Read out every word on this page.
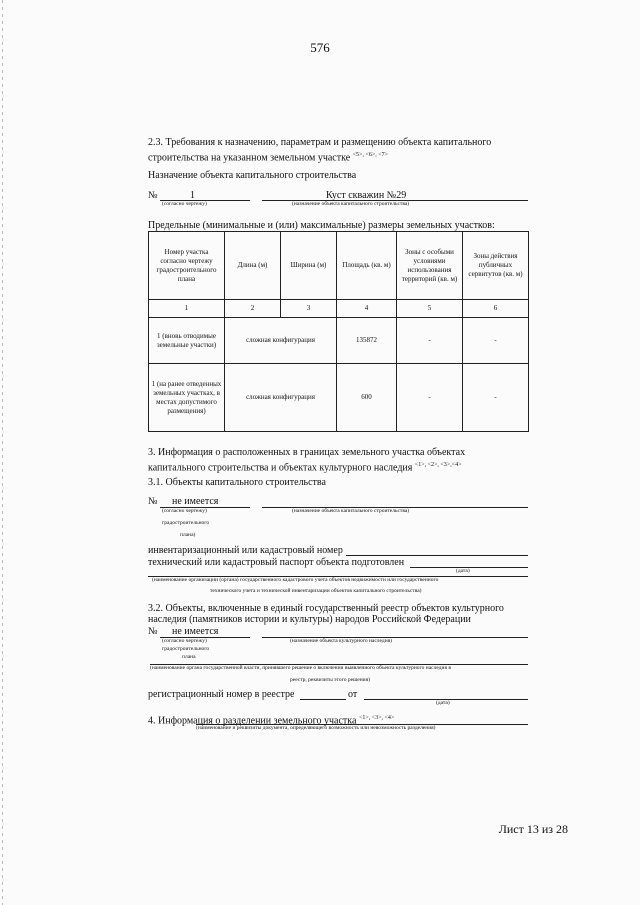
576
2.3. Требования к назначению, параметрам и размещению объекта капитального
строительства на указанном земельном участке $^{<5>, <6>, <7>}$
Назначение объекта капитального строительства
№	1	Куст скважин №29
(согласно чертежу)	(назначение объекта капитального строительства)
Предельные (минимальные и (или) максимальные) размеры земельных участков:
Номер участка согласно чертежу градостроительного плана	Длина (м)	Ширина (м)	Площадь (кв. м)	Зоны с особыми условиями использования территорий (кв. м)	Зоны действия публичных сервитутов (кв. м)
1	2	3	4	5	6
1 (вновь отводимые земельные участки)	сложная конфигурация		135872	-	-
1 (на ранее отведенных земельных участках, в местах допустимого размещения)	сложная конфигурация		600	-	-
3. Информация о расположенных в границах земельного участка объектах
капитального строительства и объектах культурного наследия $^{<1>, <2>, <3>,<4>}$
3.1. Объекты капитального строительства
№ не имеется
(согласно чертежу)	(назначение объекта капитального строительства)
градостроительного
плана)
инвентаризационный или кадастровый номер
технический или кадастровый паспорт объекта подготовлен
(дата)
(наименование организации (органа) государственного кадастрового учета объектов недвижимости или государственного
технического учета и технической инвентаризации объектов капитального строительства)
3.2. Объекты, включенные в единый государственный реестр объектов культурного
наследия (памятников истории и культуры) народов Российской Федерации
№ не имеется
(согласно чертежу)	(назначение объекта культурного наследия)
градостроительного
плана
(наименование органа государственной власти, принявшего решение о включении выявленного объекта культурного наследия в
реестр, реквизиты этого решения)
регистрационный номер в реестре	от
(дата)
4. Информация о разделении земельного участка $^{<1>, <3>, <4>}$
(наименование и реквизиты документа, определяющего возможность или невозможность разделения)
Лист 13 из 28
